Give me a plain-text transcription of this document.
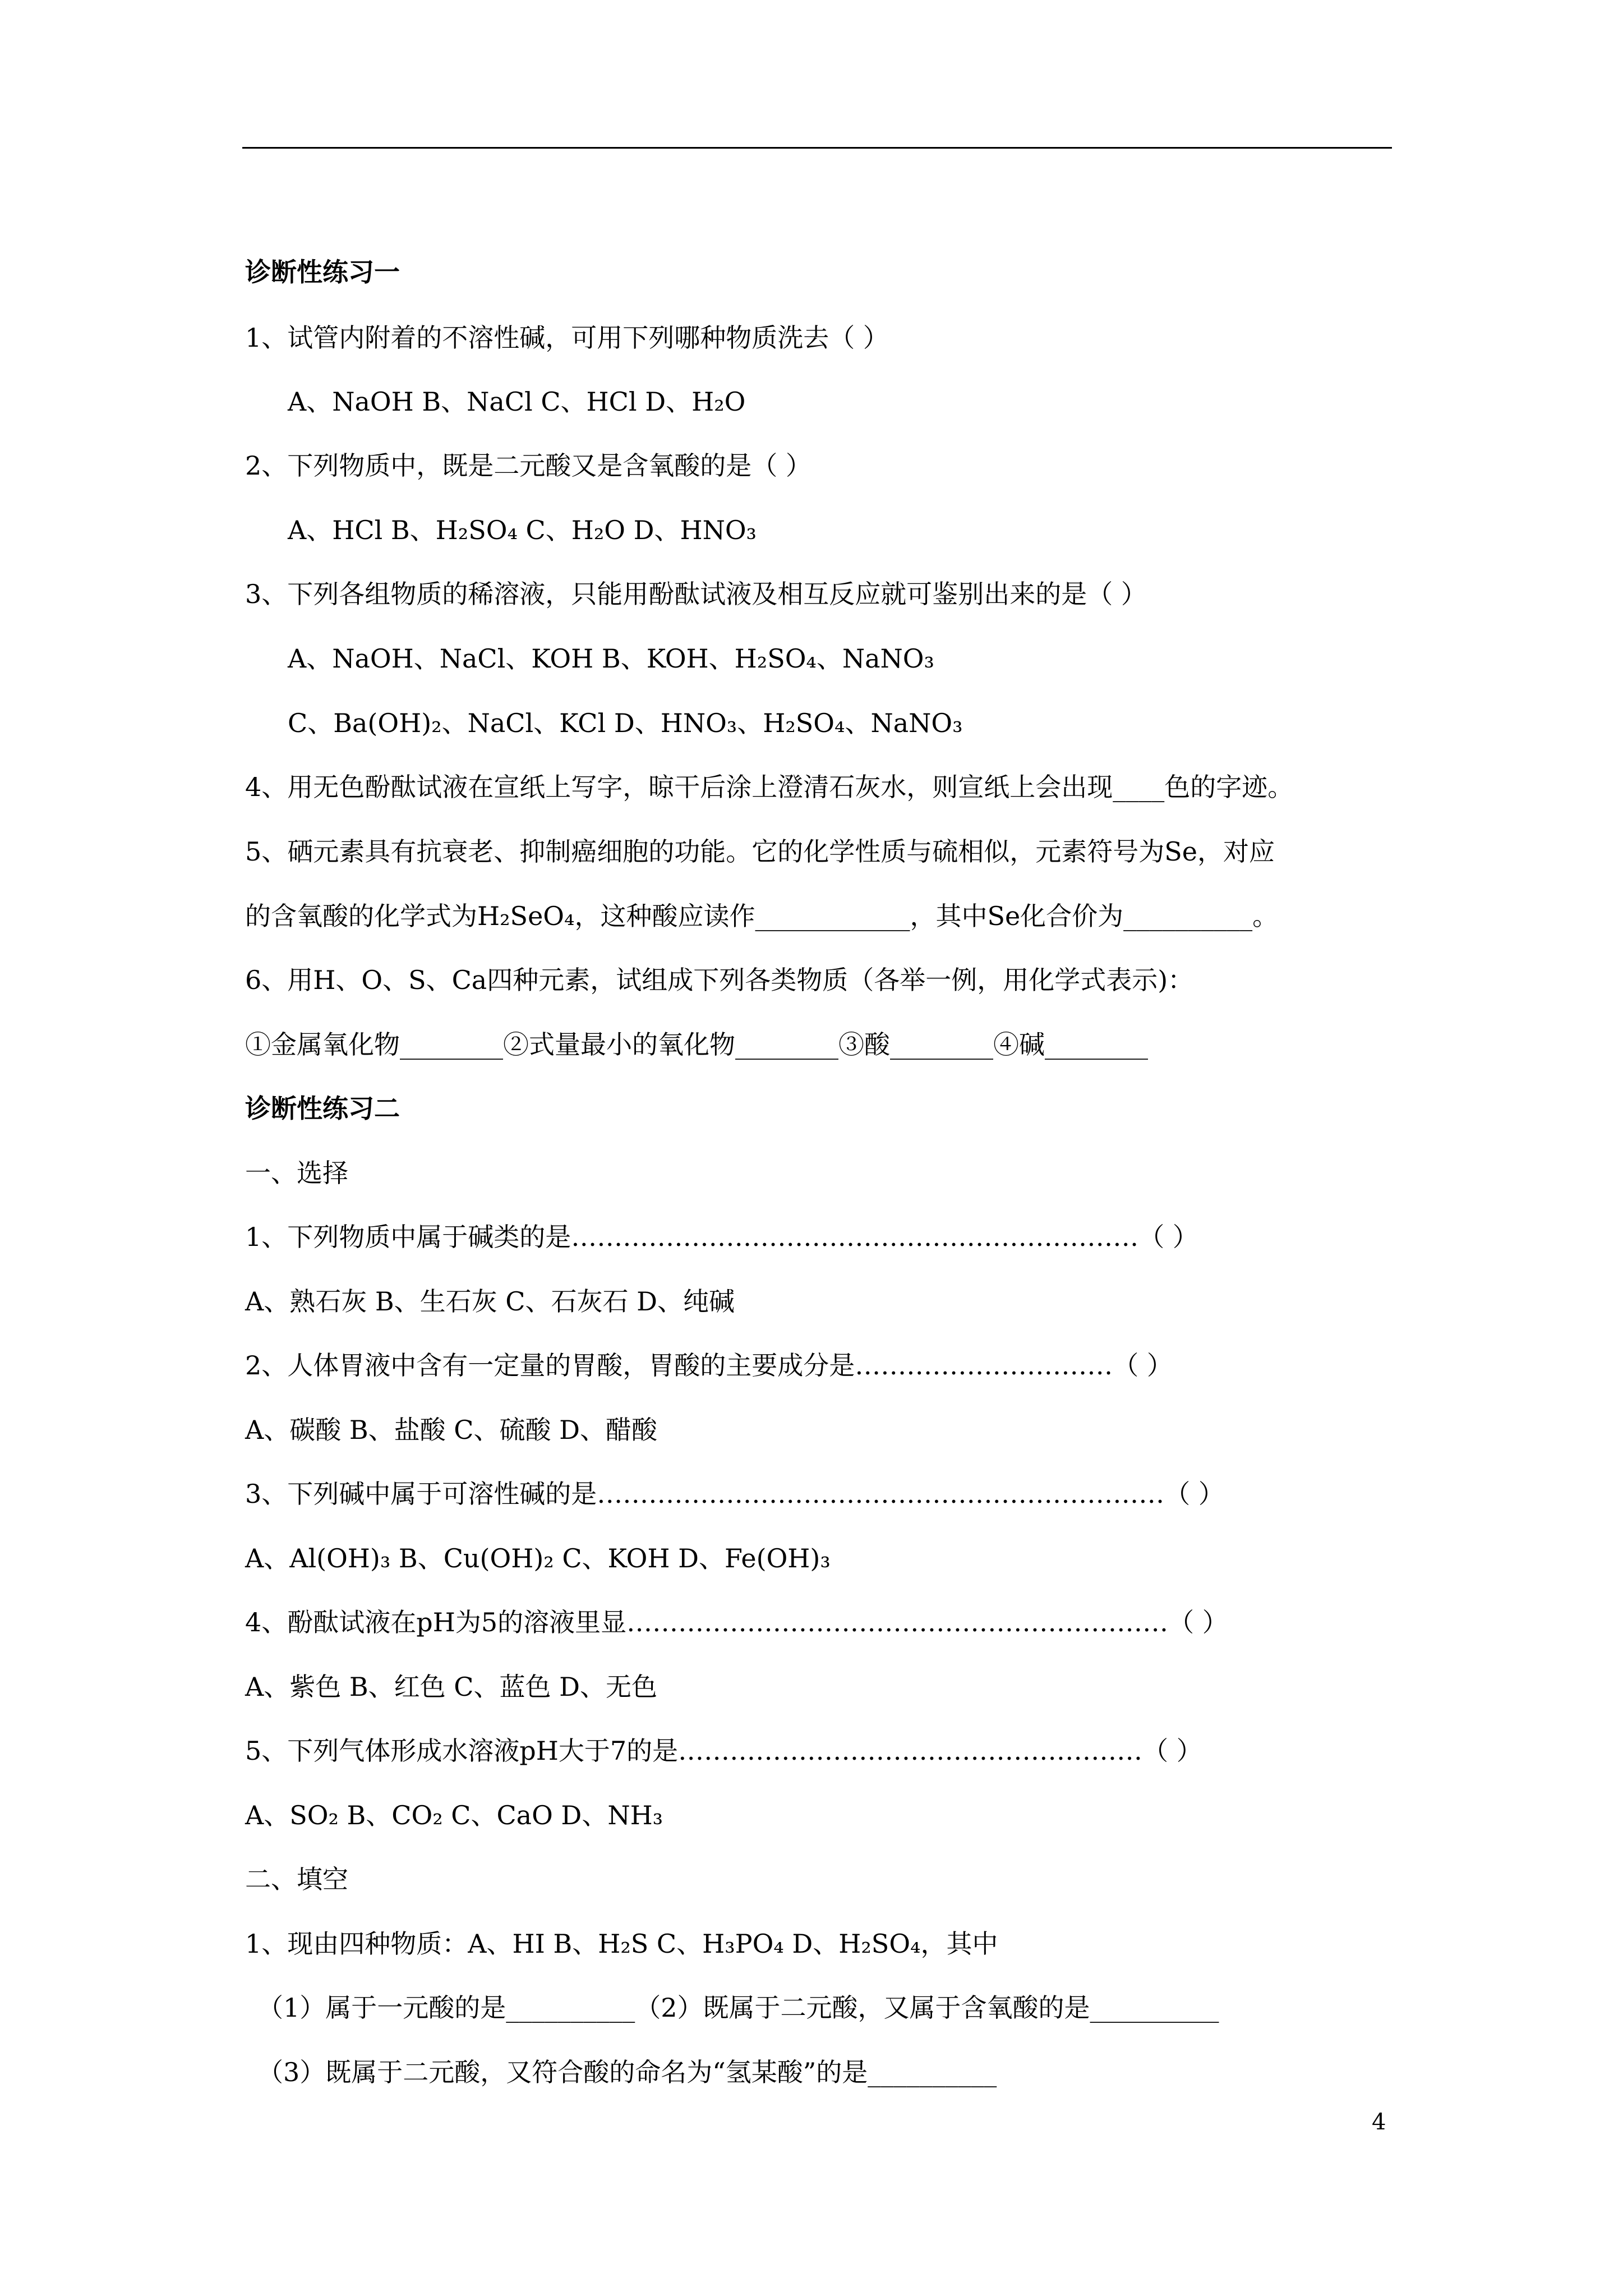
诊断性练习一
1、试管内附着的不溶性碱，可用下列哪种物质洗去（ ）
A、NaOH B、NaCl C、HCl D、H₂O
2、下列物质中，既是二元酸又是含氧酸的是（ ）
A、HCl B、H₂SO₄ C、H₂O D、HNO₃
3、下列各组物质的稀溶液，只能用酚酞试液及相互反应就可鉴别出来的是（ ）
A、NaOH、NaCl、KOH B、KOH、H₂SO₄、NaNO₃
C、Ba(OH)₂、NaCl、KCl D、HNO₃、H₂SO₄、NaNO₃
4、用无色酚酞试液在宣纸上写字，晾干后涂上澄清石灰水，则宣纸上会出现____色的字迹。
5、硒元素具有抗衰老、抑制癌细胞的功能。它的化学性质与硫相似，元素符号为Se，对应
的含氧酸的化学式为H₂SeO₄，这种酸应读作____________，其中Se化合价为__________。
6、用H、O、S、Ca四种元素，试组成下列各类物质（各举一例，用化学式表示)：
①金属氧化物________②式量最小的氧化物________③酸________④碱________
诊断性练习二
一、选择
1、下列物质中属于碱类的是…………………………………………………………（ ）
A、熟石灰 B、生石灰 C、石灰石 D、纯碱
2、人体胃液中含有一定量的胃酸，胃酸的主要成分是…………………………（ ）
A、碳酸 B、盐酸 C、硫酸 D、醋酸
3、下列碱中属于可溶性碱的是…………………………………………………………（ ）
A、Al(OH)₃ B、Cu(OH)₂ C、KOH D、Fe(OH)₃
4、酚酞试液在pH为5的溶液里显………………………………………………………（ ）
A、紫色 B、红色 C、蓝色 D、无色
5、下列气体形成水溶液pH大于7的是………………………………………………（ ）
A、SO₂ B、CO₂ C、CaO D、NH₃
二、填空
1、现由四种物质：A、HI B、H₂S C、H₃PO₄ D、H₂SO₄，其中
（1）属于一元酸的是__________（2）既属于二元酸，又属于含氧酸的是__________
（3）既属于二元酸，又符合酸的命名为“氢某酸”的是__________
4
